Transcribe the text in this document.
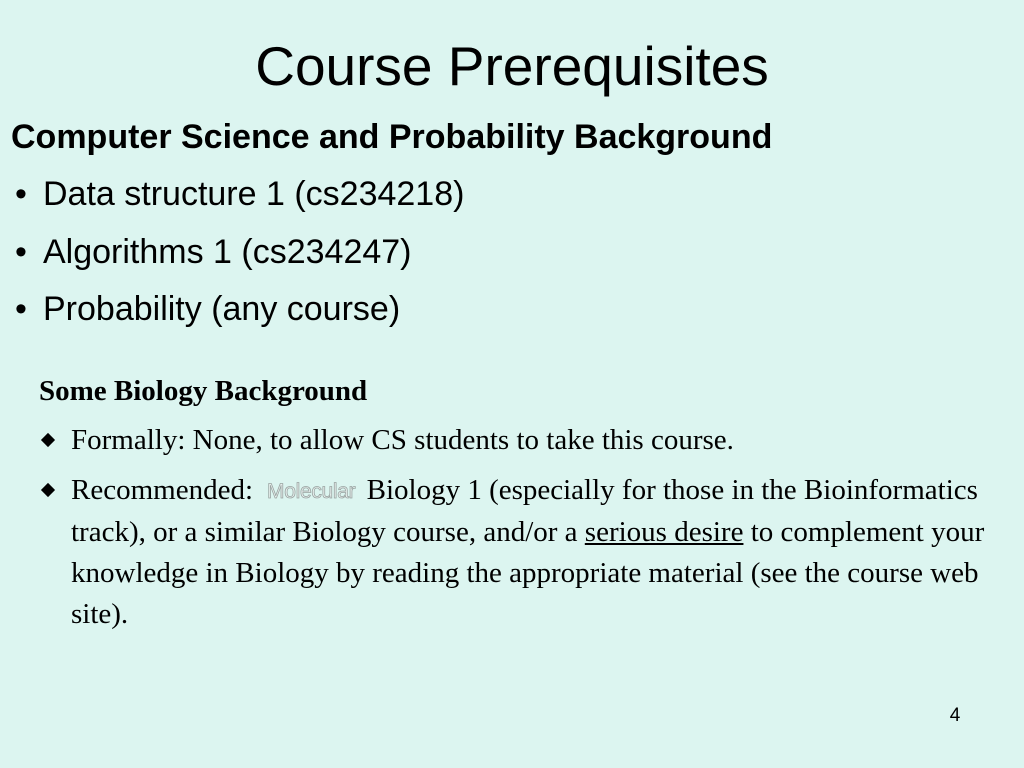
Course Prerequisites
Computer Science and Probability Background
• Data structure 1 (cs234218)
• Algorithms 1 (cs234247)
• Probability (any course)
Some Biology Background
Formally: None, to allow CS students to take this course.
Recommended: Molecular Biology 1 (especially for those in the Bioinformatics track), or a similar Biology course, and/or a serious desire to complement your knowledge in Biology by reading the appropriate material (see the course web site).
4
